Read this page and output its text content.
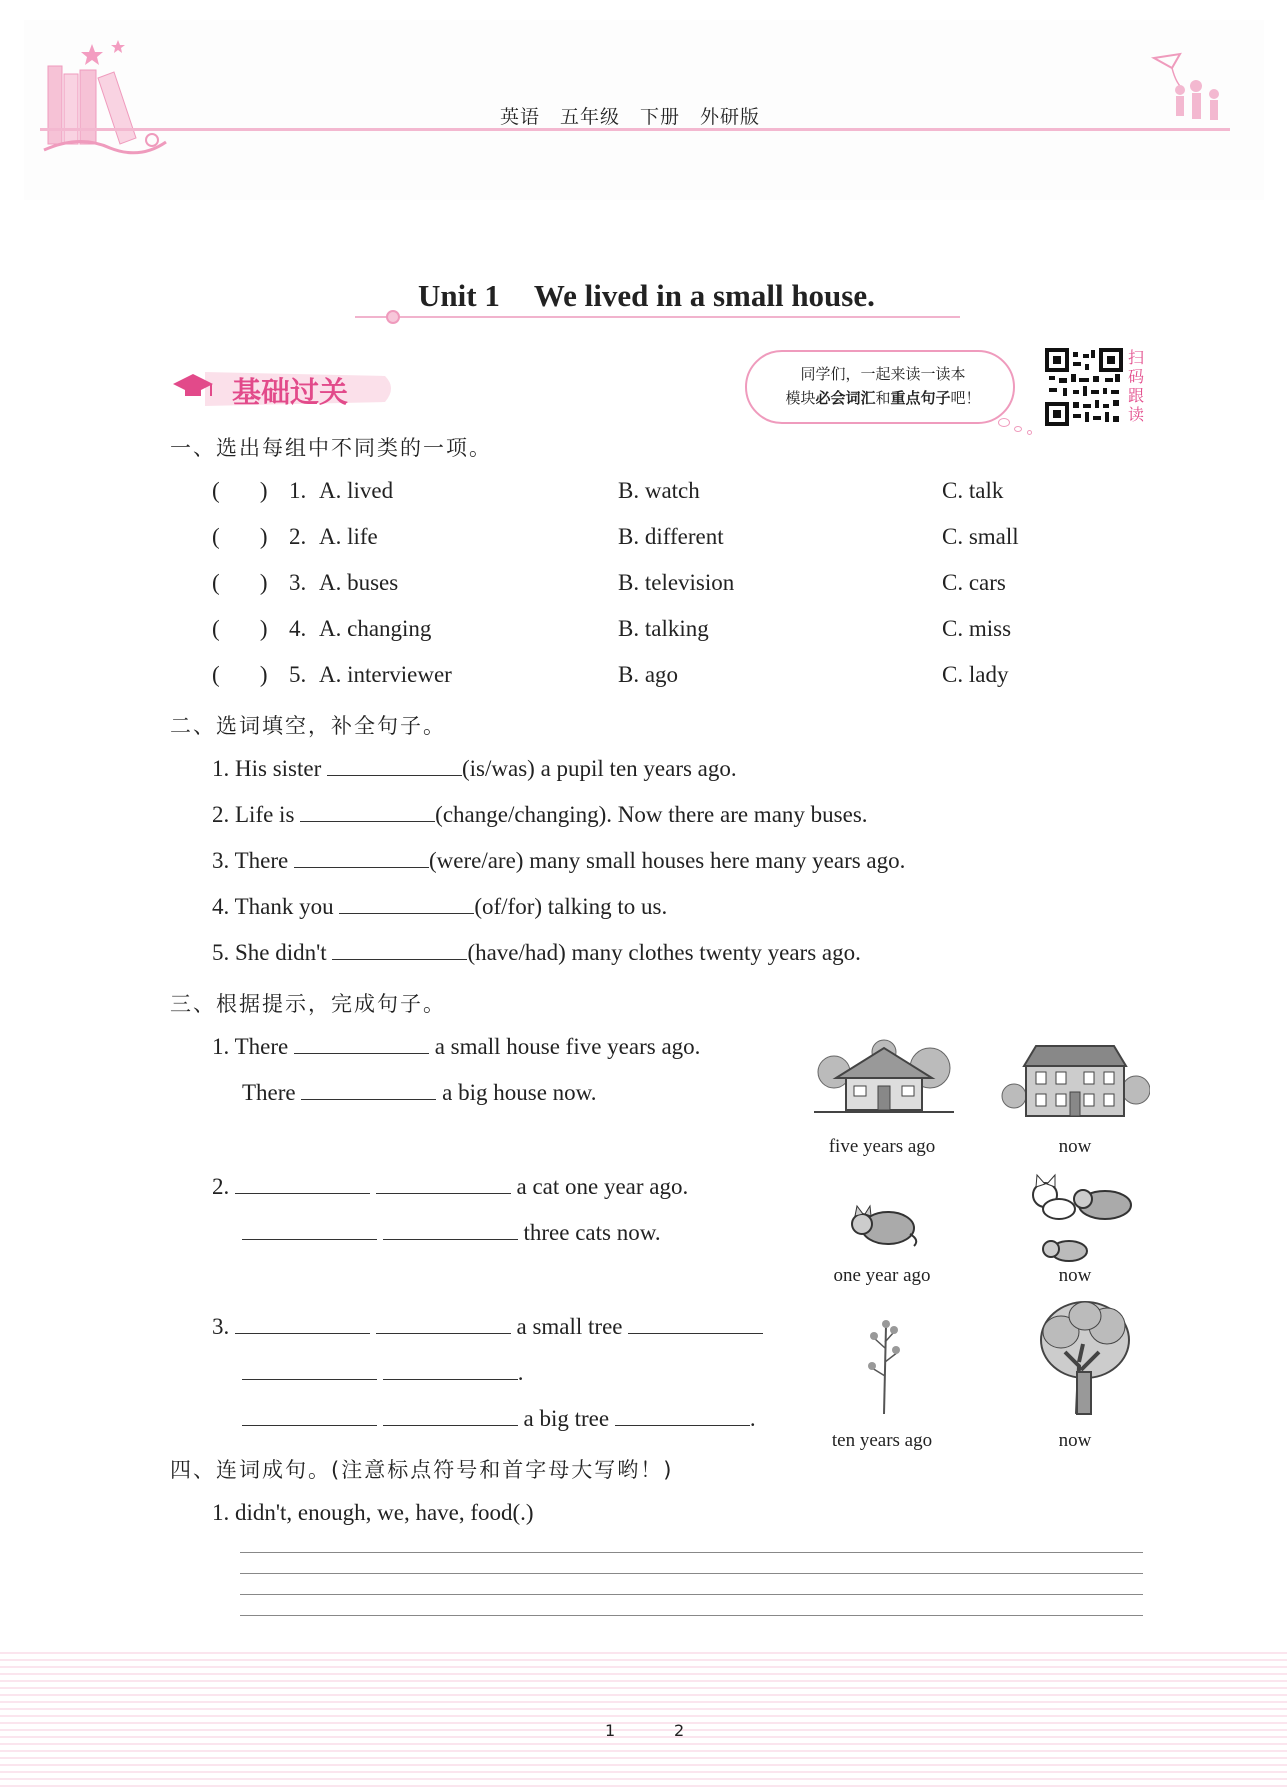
英语 五年级 下册 外研版
Unit 1 We lived in a small house.
基础过关
同学们，一起来读一读本
模块必会词汇和重点句子吧！
扫码跟读
一、选出每组中不同类的一项。
(       ) 1. A. lived	B. watch	C. talk
(       ) 2. A. life	B. different	C. small
(       ) 3. A. buses	B. television	C. cars
(       ) 4. A. changing	B. talking	C. miss
(       ) 5. A. interviewer	B. ago	C. lady
二、选词填空，补全句子。
1. His sister	(is/was) a pupil ten years ago.
2. Life is	(change/changing). Now there are many buses.
3. There	(were/are) many small houses here many years ago.
4. Thank you	(of/for) talking to us.
5. She didn't	(have/had) many clothes twenty years ago.
三、根据提示，完成句子。
1. There	a small house five years ago.
There	a big house now.
2.	a cat one year ago.
three cats now.
3.	a small tree
.
a big tree	.
five years ago	now
one year ago	now
ten years ago	now
四、连词成句。(注意标点符号和首字母大写哟！)
1. didn't, enough, we, have, food(.)
1	2
